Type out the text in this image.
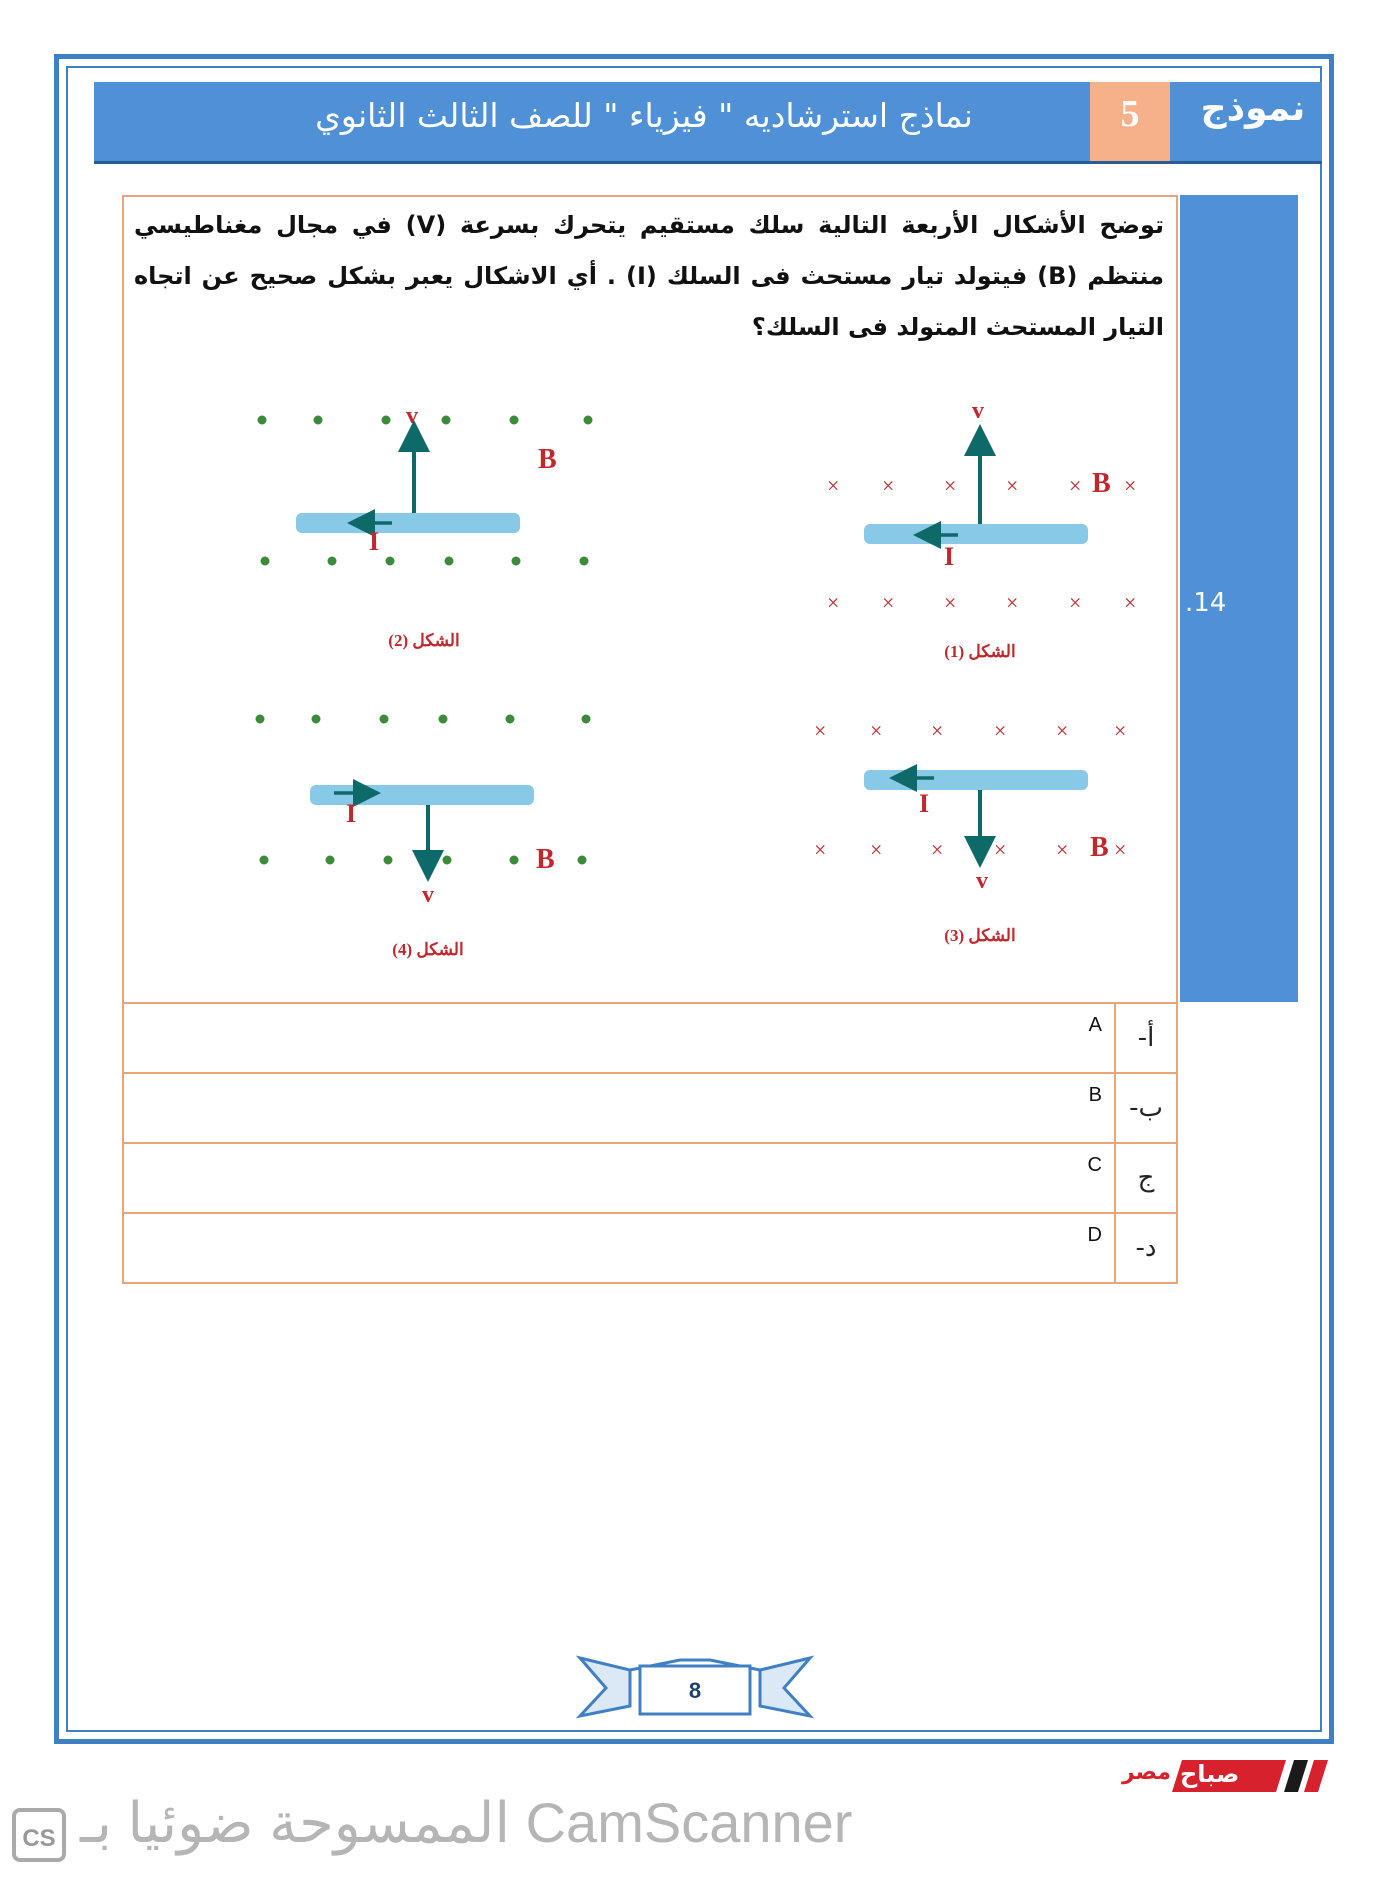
نماذج استرشاديه " فيزياء " للصف الثالث الثانوي	5	نموذج
.14
توضح الأشكال الأربعة التالية سلك مستقيم يتحرك بسرعة (V) في مجال مغناطيسي منتظم (B) فيتولد تيار مستحث فى السلك (I) . أي الاشكال يعبر بشكل صحيح عن اتجاه التيار المستحث المتولد فى السلك؟
× × × × × ×
× × × × × ×
v
I
B
الشكل (1)
v
I
B
الشكل (2)
× × × × × ×
× × × × × ×
v
I
B
الشكل (3)
v
I
B
الشكل (4)
A	أ-

B	ب-

C	ج

D	د-
8
صباح
مصر
CS الممسوحة ضوئيا بـ CamScanner
